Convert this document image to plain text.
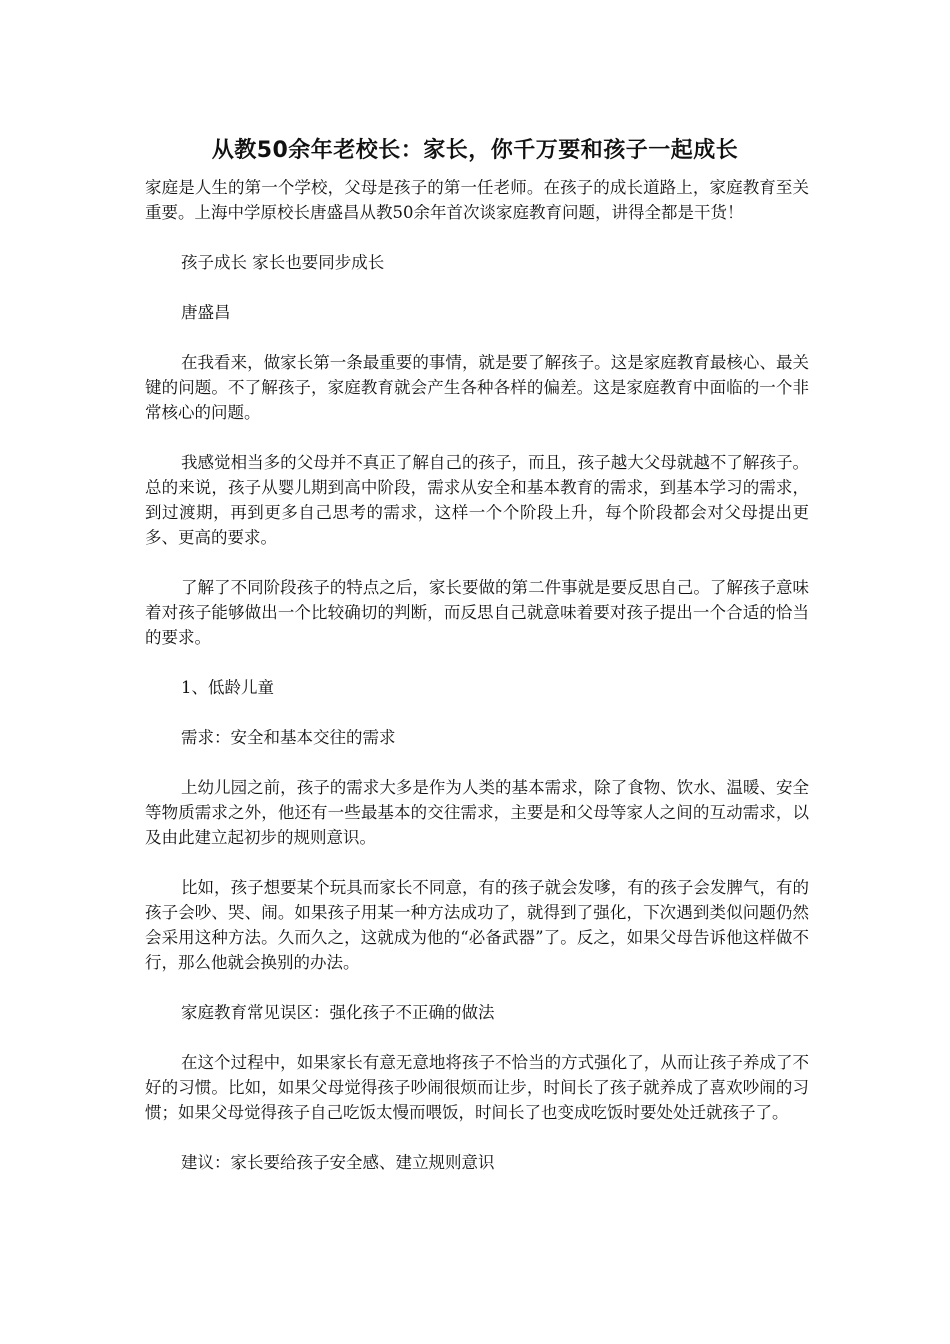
从教50余年老校长：家长，你千万要和孩子一起成长

家庭是人生的第一个学校，父母是孩子的第一任老师。在孩子的成长道路上，家庭教育至关重要。上海中学原校长唐盛昌从教50余年首次谈家庭教育问题，讲得全都是干货！

孩子成长 家长也要同步成长

唐盛昌

在我看来，做家长第一条最重要的事情，就是要了解孩子。这是家庭教育最核心、最关键的问题。不了解孩子，家庭教育就会产生各种各样的偏差。这是家庭教育中面临的一个非常核心的问题。

我感觉相当多的父母并不真正了解自己的孩子，而且，孩子越大父母就越不了解孩子。总的来说，孩子从婴儿期到高中阶段，需求从安全和基本教育的需求，到基本学习的需求，到过渡期，再到更多自己思考的需求，这样一个个阶段上升，每个阶段都会对父母提出更多、更高的要求。

了解了不同阶段孩子的特点之后，家长要做的第二件事就是要反思自己。了解孩子意味着对孩子能够做出一个比较确切的判断，而反思自己就意味着要对孩子提出一个合适的恰当的要求。

1、低龄儿童

需求：安全和基本交往的需求

上幼儿园之前，孩子的需求大多是作为人类的基本需求，除了食物、饮水、温暖、安全等物质需求之外，他还有一些最基本的交往需求，主要是和父母等家人之间的互动需求，以及由此建立起初步的规则意识。

比如，孩子想要某个玩具而家长不同意，有的孩子就会发嗲，有的孩子会发脾气，有的孩子会吵、哭、闹。如果孩子用某一种方法成功了，就得到了强化，下次遇到类似问题仍然会采用这种方法。久而久之，这就成为他的“必备武器”了。反之，如果父母告诉他这样做不行，那么他就会换别的办法。

家庭教育常见误区：强化孩子不正确的做法

在这个过程中，如果家长有意无意地将孩子不恰当的方式强化了，从而让孩子养成了不好的习惯。比如，如果父母觉得孩子吵闹很烦而让步，时间长了孩子就养成了喜欢吵闹的习惯；如果父母觉得孩子自己吃饭太慢而喂饭，时间长了也变成吃饭时要处处迁就孩子了。

建议：家长要给孩子安全感、建立规则意识
